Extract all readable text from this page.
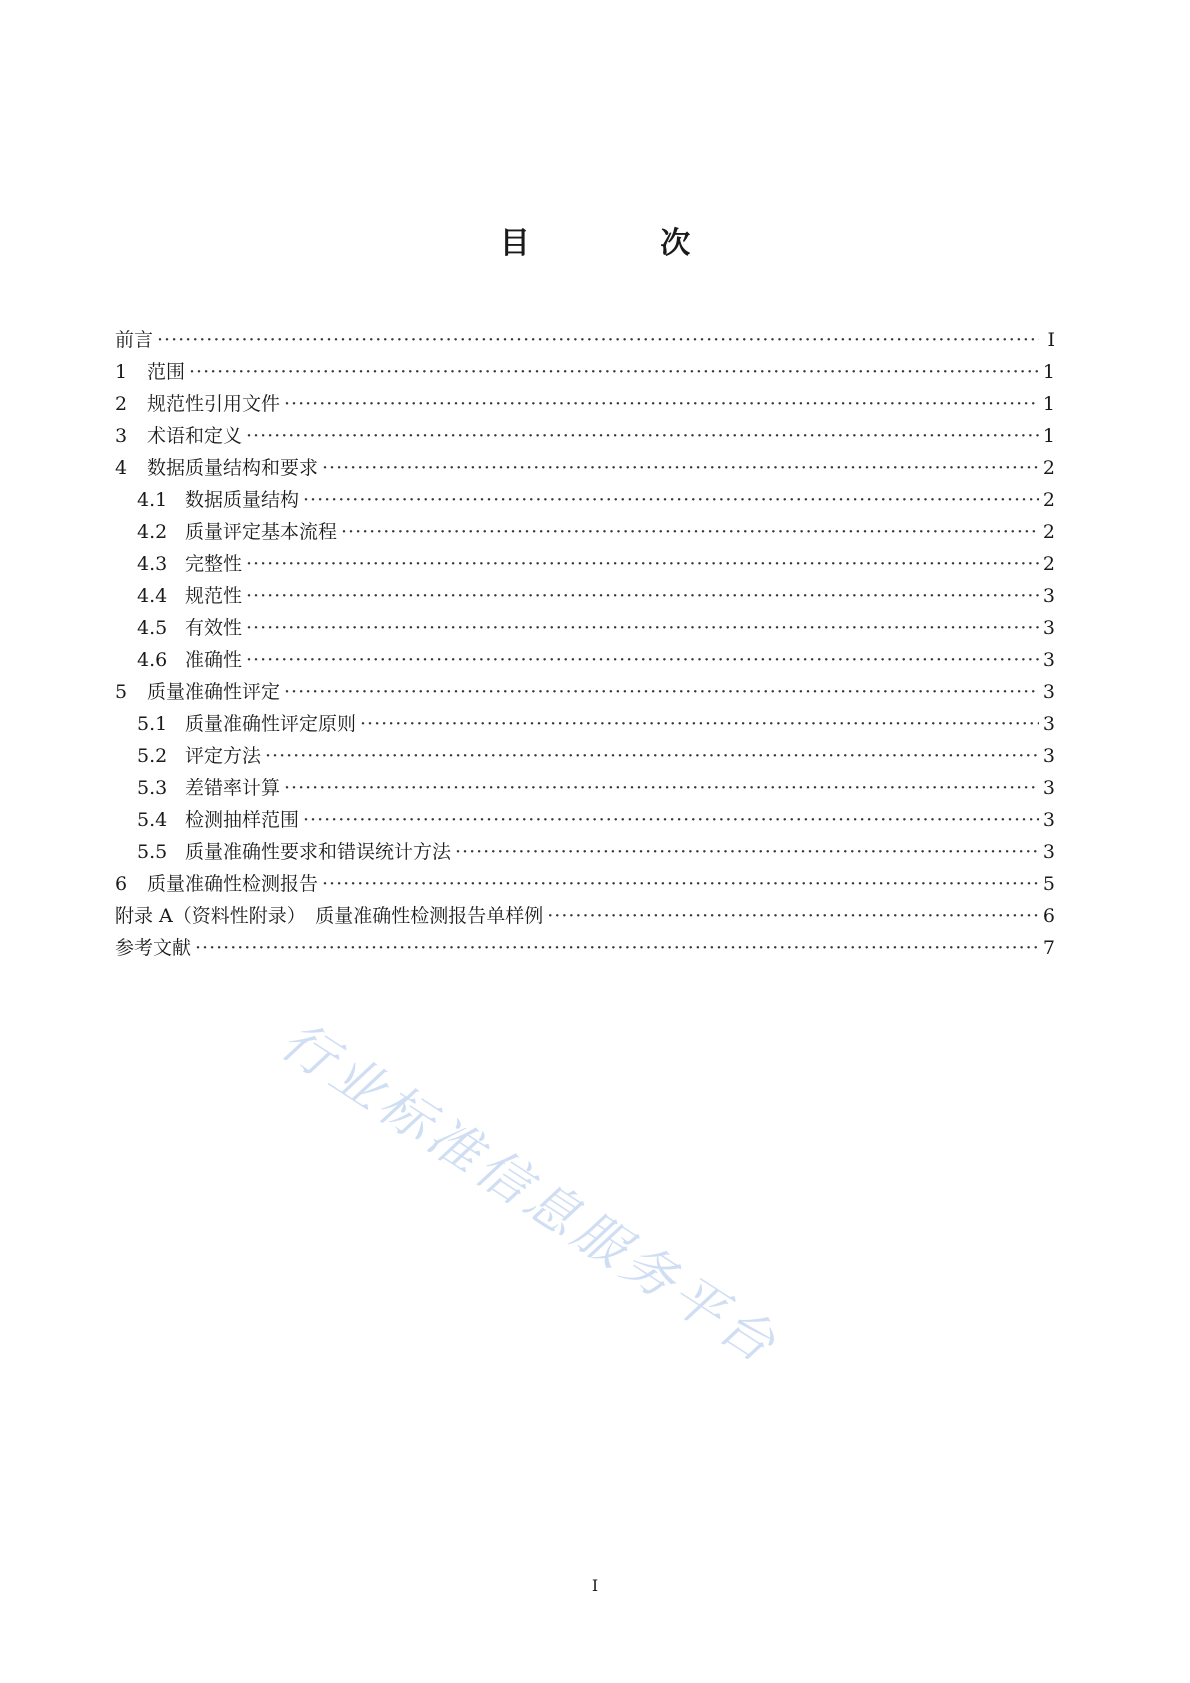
目 次
前言 ·····	I
1	范围 ·····	1
2	规范性引用文件 ·····	1
3	术语和定义 ·····	1
4	数据质量结构和要求 ·····	2
4.1 数据质量结构 ·····	2
4.2 质量评定基本流程 ·····	2
4.3 完整性 ·····	2
4.4 规范性 ·····	3
4.5 有效性 ·····	3
4.6 准确性 ·····	3
5	质量准确性评定 ·····	3
5.1 质量准确性评定原则 ·····	3
5.2 评定方法 ·····	3
5.3 差错率计算 ·····	3
5.4 检测抽样范围 ·····	3
5.5 质量准确性要求和错误统计方法 ·····	3
6	质量准确性检测报告 ·····	5
附录 A（资料性附录）　质量准确性检测报告单样例 ·····	6
参考文献 ·····	7
行业标准信息服务平台
I
